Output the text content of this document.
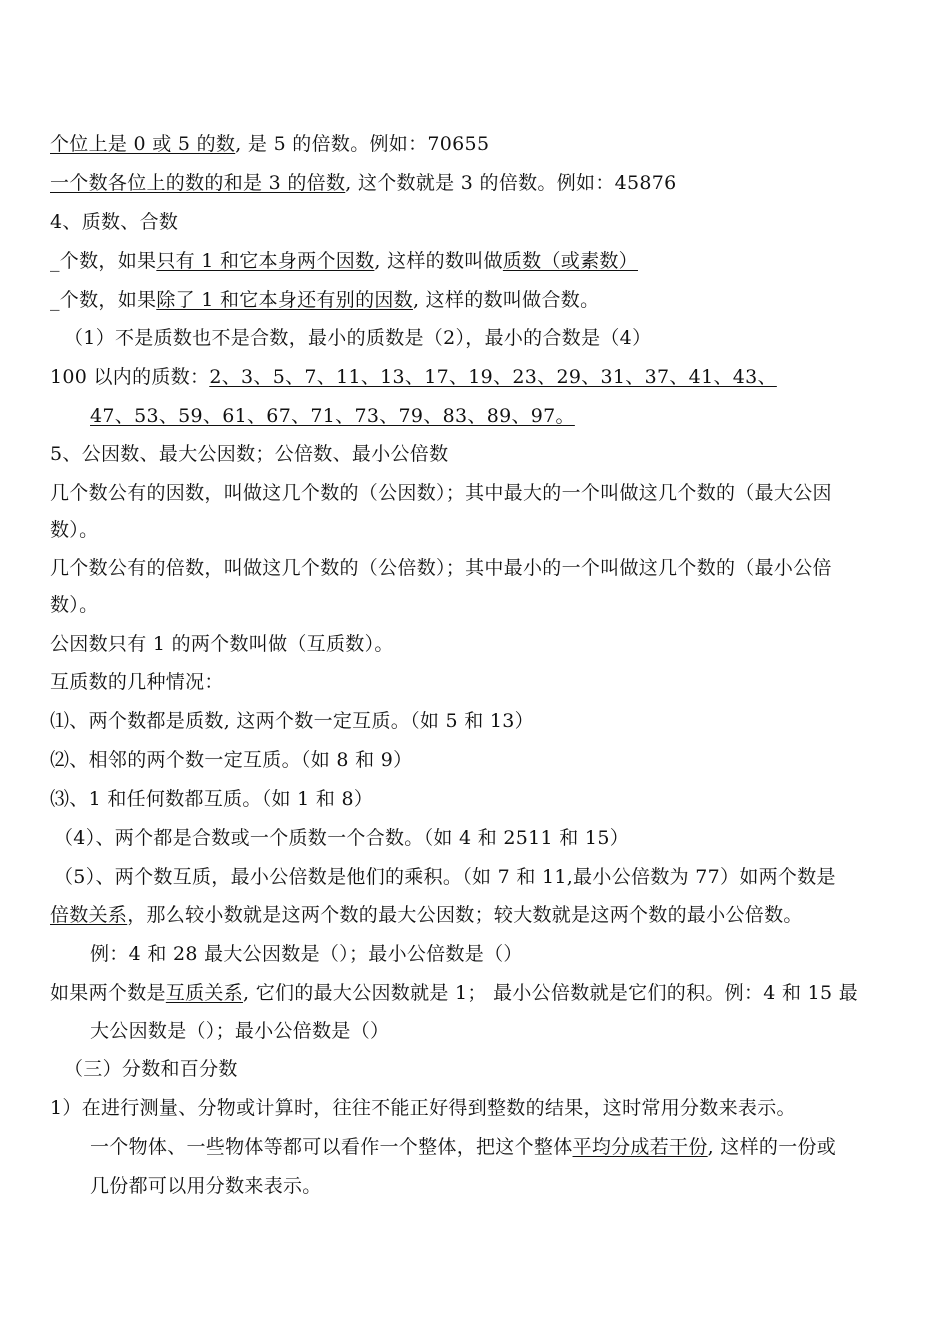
个位上是 0 或 5 的数, 是 5 的倍数。例如：70655
一个数各位上的数的和是 3 的倍数, 这个数就是 3 的倍数。例如：45876
4、质数、合数
_个数，如果只有 1 和它本身两个因数, 这样的数叫做质数（或素数）
_个数，如果除了 1 和它本身还有别的因数, 这样的数叫做合数。
（1）不是质数也不是合数，最小的质数是（2），最小的合数是（4）
100 以内的质数：2、3、5、7、11、13、17、19、23、29、31、37、41、43、
47、53、59、61、67、71、73、79、83、89、97。
5、公因数、最大公因数；公倍数、最小公倍数
几个数公有的因数，叫做这几个数的（公因数）；其中最大的一个叫做这几个数的（最大公因
数）。
几个数公有的倍数，叫做这几个数的（公倍数）；其中最小的一个叫做这几个数的（最小公倍
数）。
公因数只有 1 的两个数叫做（互质数）。
互质数的几种情况：
⑴、两个数都是质数, 这两个数一定互质。（如 5 和 13）
⑵、相邻的两个数一定互质。（如 8 和 9）
⑶、1 和任何数都互质。（如 1 和 8）
（4）、两个都是合数或一个质数一个合数。（如 4 和 2511 和 15）
（5）、两个数互质，最小公倍数是他们的乘积。（如 7 和 11,最小公倍数为 77）如两个数是
倍数关系，那么较小数就是这两个数的最大公因数；较大数就是这两个数的最小公倍数。
例：4 和 28 最大公因数是（）；最小公倍数是（）
如果两个数是互质关系, 它们的最大公因数就是 1； 最小公倍数就是它们的积。例：4 和 15 最
大公因数是（）；最小公倍数是（）
（三）分数和百分数
1）在进行测量、分物或计算时，往往不能正好得到整数的结果，这时常用分数来表示。
一个物体、一些物体等都可以看作一个整体，把这个整体平均分成若干份, 这样的一份或
几份都可以用分数来表示。
